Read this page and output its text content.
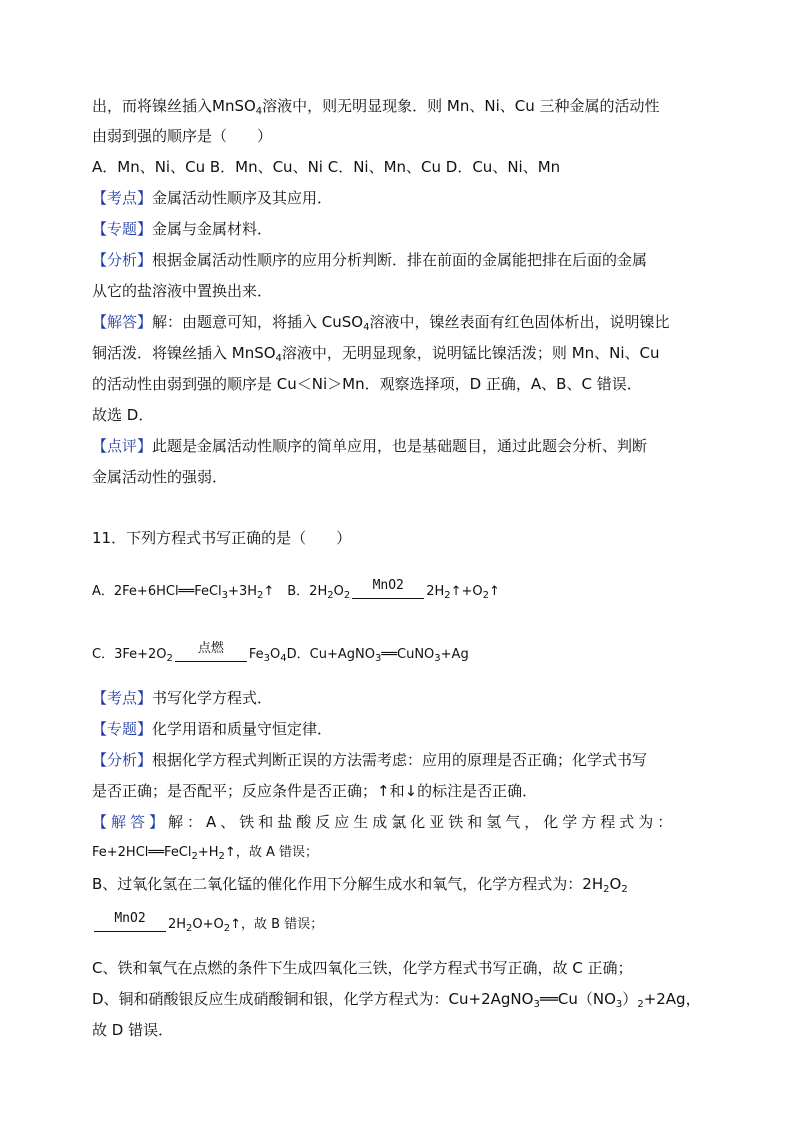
出，而将镍丝插入MnSO$_4$溶液中，则无明显现象．则 Mn、Ni、Cu 三种金属的活动性
由弱到强的顺序是（　　）
A．Mn、Ni、Cu B．Mn、Cu、Ni C．Ni、Mn、Cu D．Cu、Ni、Mn
【考点】金属活动性顺序及其应用．
【专题】金属与金属材料．
【分析】根据金属活动性顺序的应用分析判断．排在前面的金属能把排在后面的金属
从它的盐溶液中置换出来．
【解答】解：由题意可知，将插入 CuSO$_4$溶液中，镍丝表面有红色固体析出，说明镍比
铜活泼．将镍丝插入 MnSO$_4$溶液中，无明显现象，说明锰比镍活泼；则 Mn、Ni、Cu
的活动性由弱到强的顺序是 Cu＜Ni＞Mn．观察选择项，D 正确，A、B、C 错误．
故选 D．
【点评】此题是金属活动性顺序的简单应用，也是基础题目，通过此题会分析、判断
金属活动性的强弱．
11．下列方程式书写正确的是（　　）
A．$2Fe+6HCl══FeCl_3+3H_2↑$　B．$2H_2O_2$
MnO2	$2H_2↑+O_2↑$
C．$3Fe+2O_2$
点燃	$Fe_3O_4D$．Cu+AgNO$_3$══CuNO$_3$+Ag
【考点】书写化学方程式．
【专题】化学用语和质量守恒定律．
【分析】根据化学方程式判断正误的方法需考虑：应用的原理是否正确；化学式书写
是否正确；是否配平；反应条件是否正确；↑和↓的标注是否正确．
【解答】解：A、铁和盐酸反应生成氯化亚铁和氢气，化学方程式为：
$Fe+2HCl══FeCl_2+H_2↑$，故 A 错误；
B、过氧化氢在二氧化锰的催化作用下分解生成水和氧气，化学方程式为：$2H_2O_2$
MnO2	$2H_2O+O_2↑$，故 B 错误；
C、铁和氧气在点燃的条件下生成四氧化三铁，化学方程式书写正确，故 C 正确；
D、铜和硝酸银反应生成硝酸铜和银，化学方程式为：$Cu+2AgNO_3══Cu(NO_3)_2+2Ag$，
故 D 错误．
